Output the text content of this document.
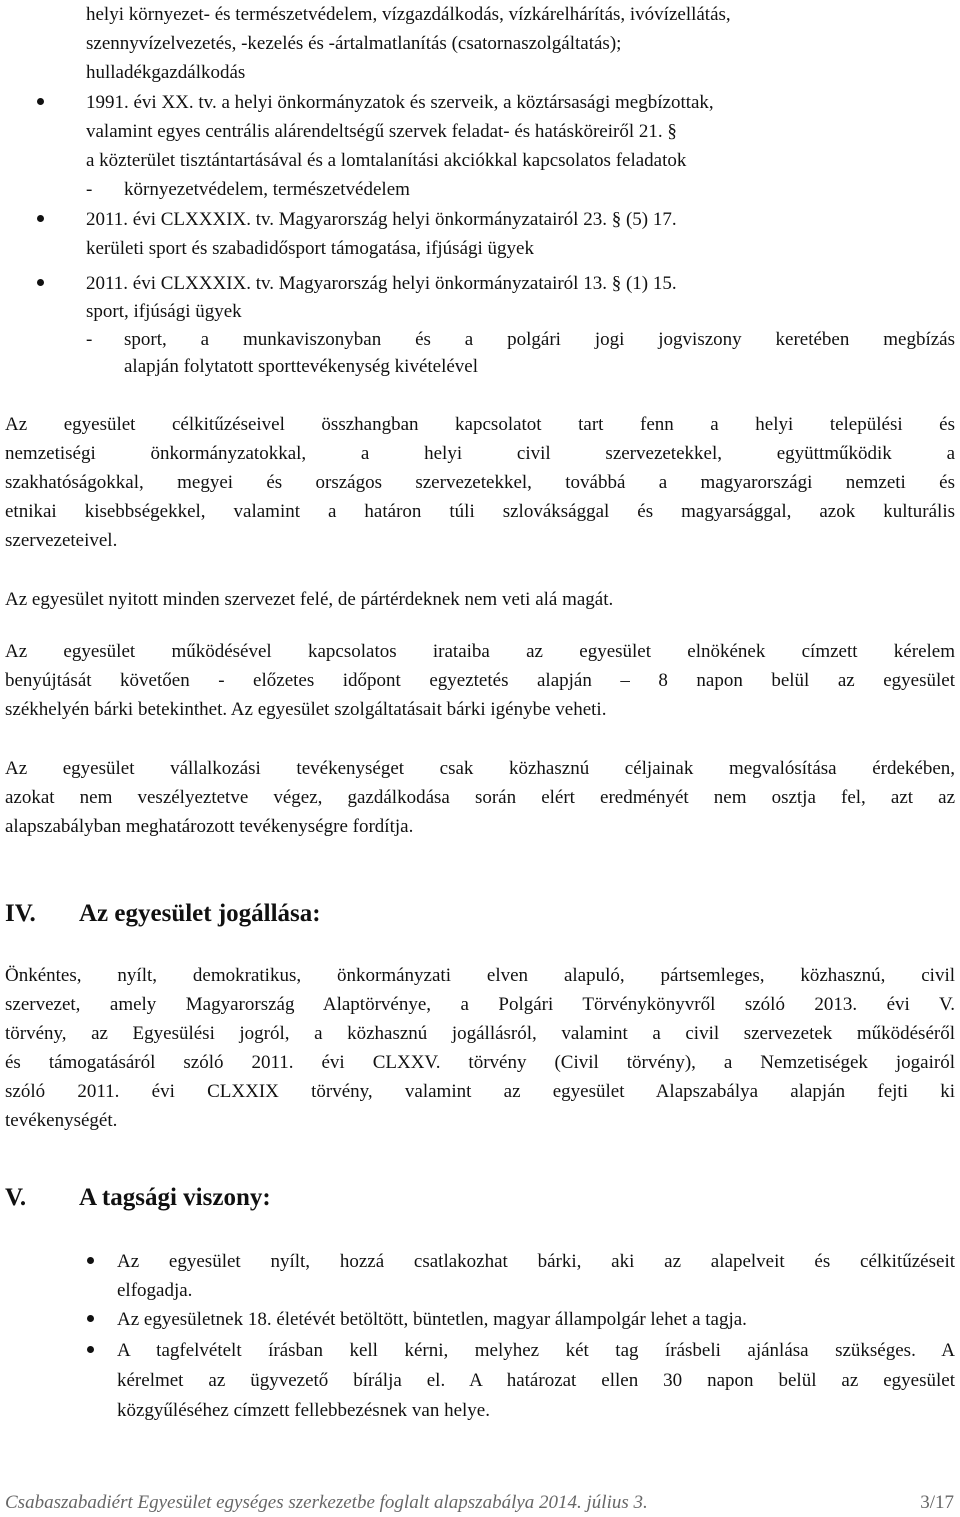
helyi környezet- és természetvédelem, vízgazdálkodás, vízkárelhárítás, ivóvízellátás,
szennyvízelvezetés, -kezelés és -ártalmatlanítás (csatornaszolgáltatás);
hulladékgazdálkodás
1991. évi XX. tv. a helyi önkormányzatok és szerveik, a köztársasági megbízottak,
valamint egyes centrális alárendeltségű szervek feladat- és hatásköreiről 21. §
a közterület tisztántartásával és a lomtalanítási akciókkal kapcsolatos feladatok
- környezetvédelem, természetvédelem
2011. évi CLXXXIX. tv. Magyarország helyi önkormányzatairól 23. § (5) 17.
kerületi sport és szabadidősport támogatása, ifjúsági ügyek
2011. évi CLXXXIX. tv. Magyarország helyi önkormányzatairól 13. § (1) 15.
sport, ifjúsági ügyek
- sport, a munkaviszonyban és a polgári jogi jogviszony keretében megbízás
alapján folytatott sporttevékenység kivételével
Az egyesület célkitűzéseivel összhangban kapcsolatot tart fenn a helyi települési és
nemzetiségi önkormányzatokkal, a helyi civil szervezetekkel, együttműködik a
szakhatóságokkal, megyei és országos szervezetekkel, továbbá a magyarországi nemzeti és
etnikai kisebbségekkel, valamint a határon túli szlováksággal és magyarsággal, azok kulturális
szervezeteivel.
Az egyesület nyitott minden szervezet felé, de pártérdeknek nem veti alá magát.
Az egyesület működésével kapcsolatos irataiba az egyesület elnökének címzett kérelem
benyújtását követően - előzetes időpont egyeztetés alapján – 8 napon belül az egyesület
székhelyén bárki betekinthet. Az egyesület szolgáltatásait bárki igénybe veheti.
Az egyesület vállalkozási tevékenységet csak közhasznú céljainak megvalósítása érdekében,
azokat nem veszélyeztetve végez, gazdálkodása során elért eredményét nem osztja fel, azt az
alapszabályban meghatározott tevékenységre fordítja.
IV. Az egyesület jogállása:
Önkéntes, nyílt, demokratikus, önkormányzati elven alapuló, pártsemleges, közhasznú, civil
szervezet, amely Magyarország Alaptörvénye, a Polgári Törvénykönyvről szóló 2013. évi V.
törvény, az Egyesülési jogról, a közhasznú jogállásról, valamint a civil szervezetek működéséről
és támogatásáról szóló 2011. évi CLXXV. törvény (Civil törvény), a Nemzetiségek jogairól
szóló 2011. évi CLXXIX törvény, valamint az egyesület Alapszabálya alapján fejti ki
tevékenységét.
V. A tagsági viszony:
Az egyesület nyílt, hozzá csatlakozhat bárki, aki az alapelveit és célkitűzéseit
elfogadja.
Az egyesületnek 18. életévét betöltött, büntetlen, magyar állampolgár lehet a tagja.
A tagfelvételt írásban kell kérni, melyhez két tag írásbeli ajánlása szükséges. A
kérelmet az ügyvezető bírálja el. A határozat ellen 30 napon belül az egyesület
közgyűléséhez címzett fellebbezésnek van helye.
Csabaszabadiért Egyesület egységes szerkezetbe foglalt alapszabálya 2014. július 3.	3/17
